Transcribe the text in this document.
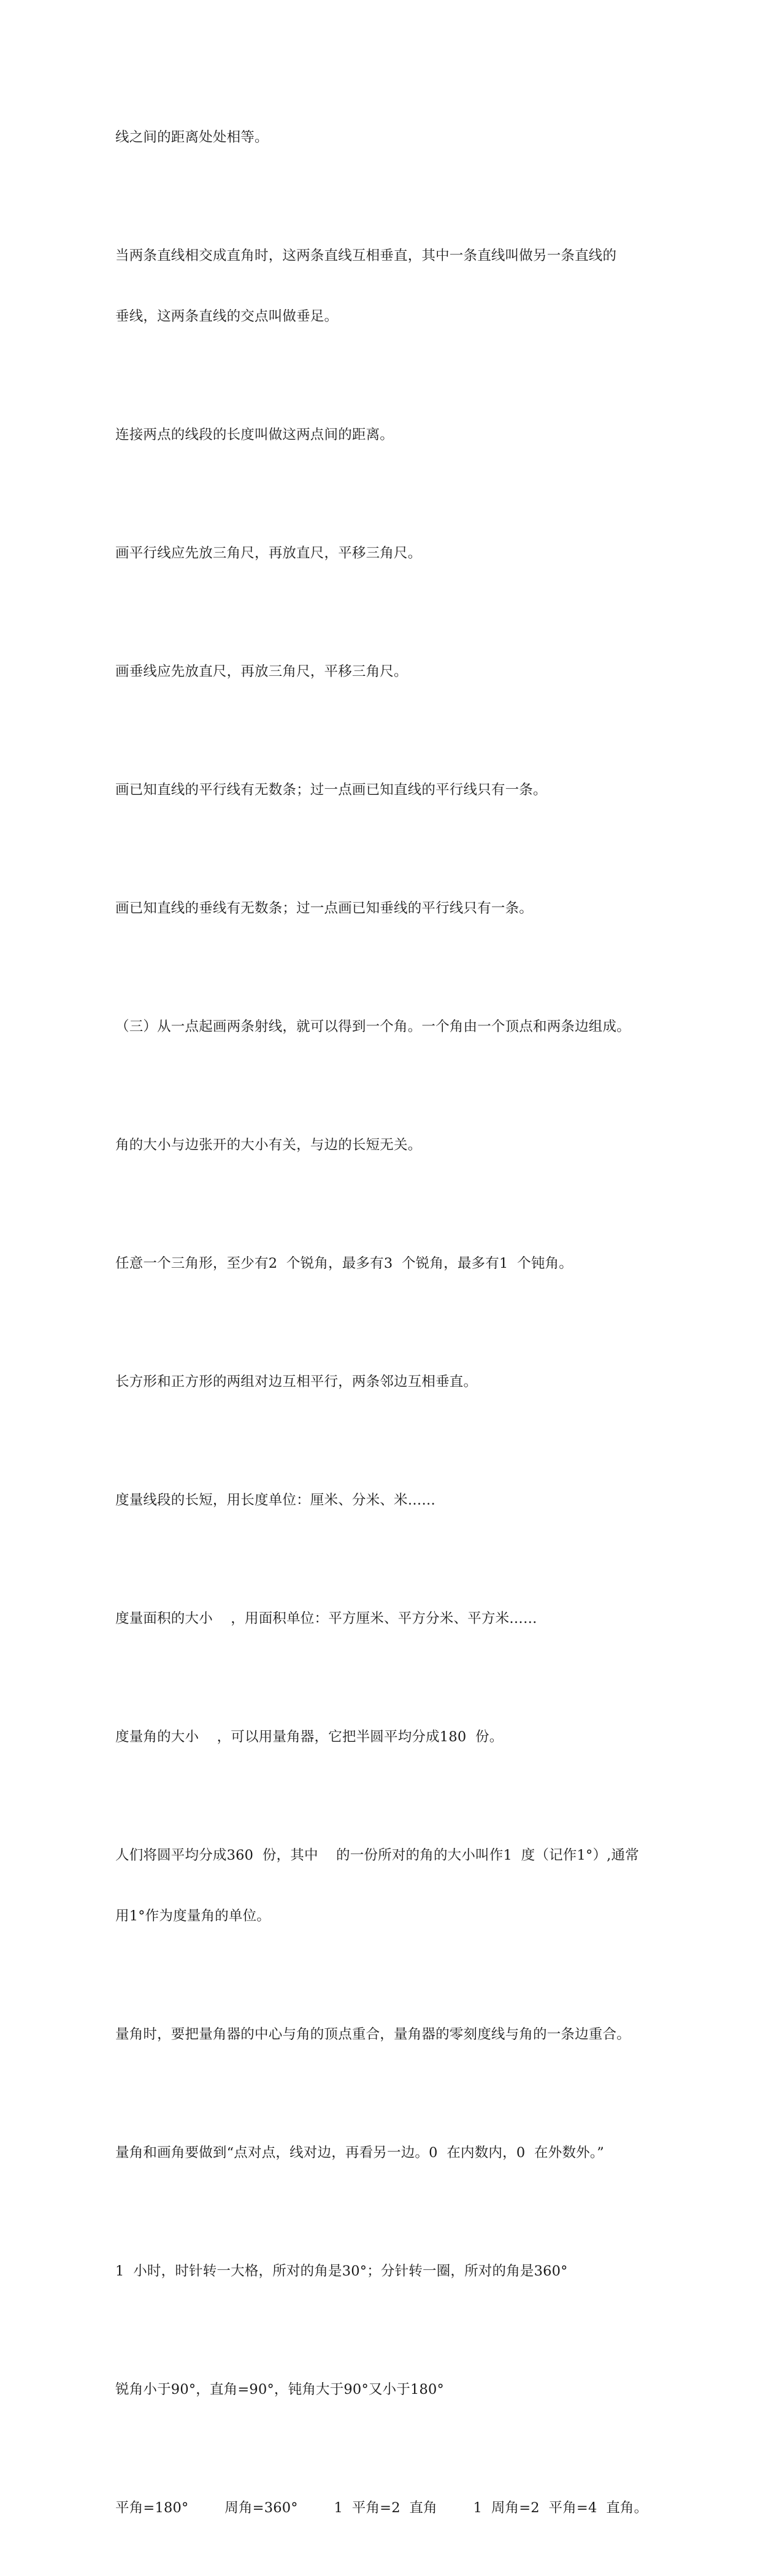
线之间的距离处处相等。

当两条直线相交成直角时，这两条直线互相垂直，其中一条直线叫做另一条直线的

垂线，这两条直线的交点叫做垂足。

连接两点的线段的长度叫做这两点间的距离。

画平行线应先放三角尺，再放直尺，平移三角尺。

画垂线应先放直尺，再放三角尺，平移三角尺。

画已知直线的平行线有无数条；过一点画已知直线的平行线只有一条。

画已知直线的垂线有无数条；过一点画已知垂线的平行线只有一条。

（三）从一点起画两条射线，就可以得到一个角。一个角由一个顶点和两条边组成。

角的大小与边张开的大小有关，与边的长短无关。

任意一个三角形，至少有2  个锐角，最多有3  个锐角，最多有1  个钝角。

长方形和正方形的两组对边互相平行，两条邻边互相垂直。

度量线段的长短，用长度单位：厘米、分米、米……

度量面积的大小    ，用面积单位：平方厘米、平方分米、平方米……

度量角的大小    ，可以用量角器，它把半圆平均分成180  份。

人们将圆平均分成360  份，其中    的一份所对的角的大小叫作1  度（记作1°）,通常

用1°作为度量角的单位。

量角时，要把量角器的中心与角的顶点重合，量角器的零刻度线与角的一条边重合。

量角和画角要做到“点对点，线对边，再看另一边。0  在内数内，0  在外数外。”

1  小时，时针转一大格，所对的角是30°；分针转一圈，所对的角是360°

锐角小于90°，直角=90°，钝角大于90°又小于180°

平角=180°        周角=360°        1  平角=2  直角        1  周角=2  平角=4  直角。
